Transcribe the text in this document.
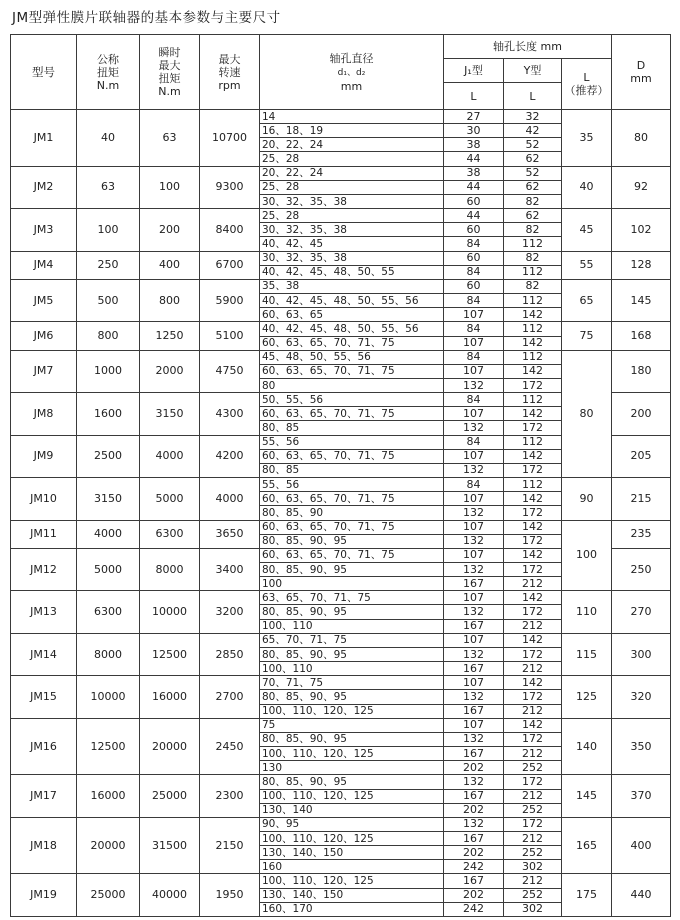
JM型弹性膜片联轴器的基本参数与主要尺寸
型号	公称
扭矩
N.m	瞬时
最大
扭矩
N.m	最大
转速
rpm	轴孔直径
d₁、d₂
mm	轴孔长度 mm			D
mm
					J₁型	Y型	L
（推荐）	
					L	L		
JM1	40	63	10700	14	27	32	35	80
				16、18、19	30	42		
				20、22、24	38	52		
				25、28	44	62		
JM2	63	100	9300	20、22、24	38	52	40	92
				25、28	44	62		
				30、32、35、38	60	82		
JM3	100	200	8400	25、28	44	62	45	102
				30、32、35、38	60	82		
				40、42、45	84	112		
JM4	250	400	6700	30、32、35、38	60	82	55	128
				40、42、45、48、50、55	84	112		
JM5	500	800	5900	35、38	60	82	65	145
				40、42、45、48、50、55、56	84	112		
				60、63、65	107	142		
JM6	800	1250	5100	40、42、45、48、50、55、56	84	112	75	168
				60、63、65、70、71、75	107	142		
JM7	1000	2000	4750	45、48、50、55、56	84	112	80	180
				60、63、65、70、71、75	107	142		
				80	132	172		
JM8	1600	3150	4300	50、55、56	84	112		200
				60、63、65、70、71、75	107	142		
				80、85	132	172		
JM9	2500	4000	4200	55、56	84	112		205
				60、63、65、70、71、75	107	142		
				80、85	132	172		
JM10	3150	5000	4000	55、56	84	112	90	215
				60、63、65、70、71、75	107	142		
				80、85、90	132	172		
JM11	4000	6300	3650	60、63、65、70、71、75	107	142	100	235
				80、85、90、95	132	172		
JM12	5000	8000	3400	60、63、65、70、71、75	107	142		250
				80、85、90、95	132	172		
				100	167	212		
JM13	6300	10000	3200	63、65、70、71、75	107	142	110	270
				80、85、90、95	132	172		
				100、110	167	212		
JM14	8000	12500	2850	65、70、71、75	107	142	115	300
				80、85、90、95	132	172		
				100、110	167	212		
JM15	10000	16000	2700	70、71、75	107	142	125	320
				80、85、90、95	132	172		
				100、110、120、125	167	212		
JM16	12500	20000	2450	75	107	142	140	350
				80、85、90、95	132	172		
				100、110、120、125	167	212		
				130	202	252		
JM17	16000	25000	2300	80、85、90、95	132	172	145	370
				100、110、120、125	167	212		
				130、140	202	252		
JM18	20000	31500	2150	90、95	132	172	165	400
				100、110、120、125	167	212		
				130、140、150	202	252		
				160	242	302		
JM19	25000	40000	1950	100、110、120、125	167	212	175	440
				130、140、150	202	252		
				160、170	242	302		
